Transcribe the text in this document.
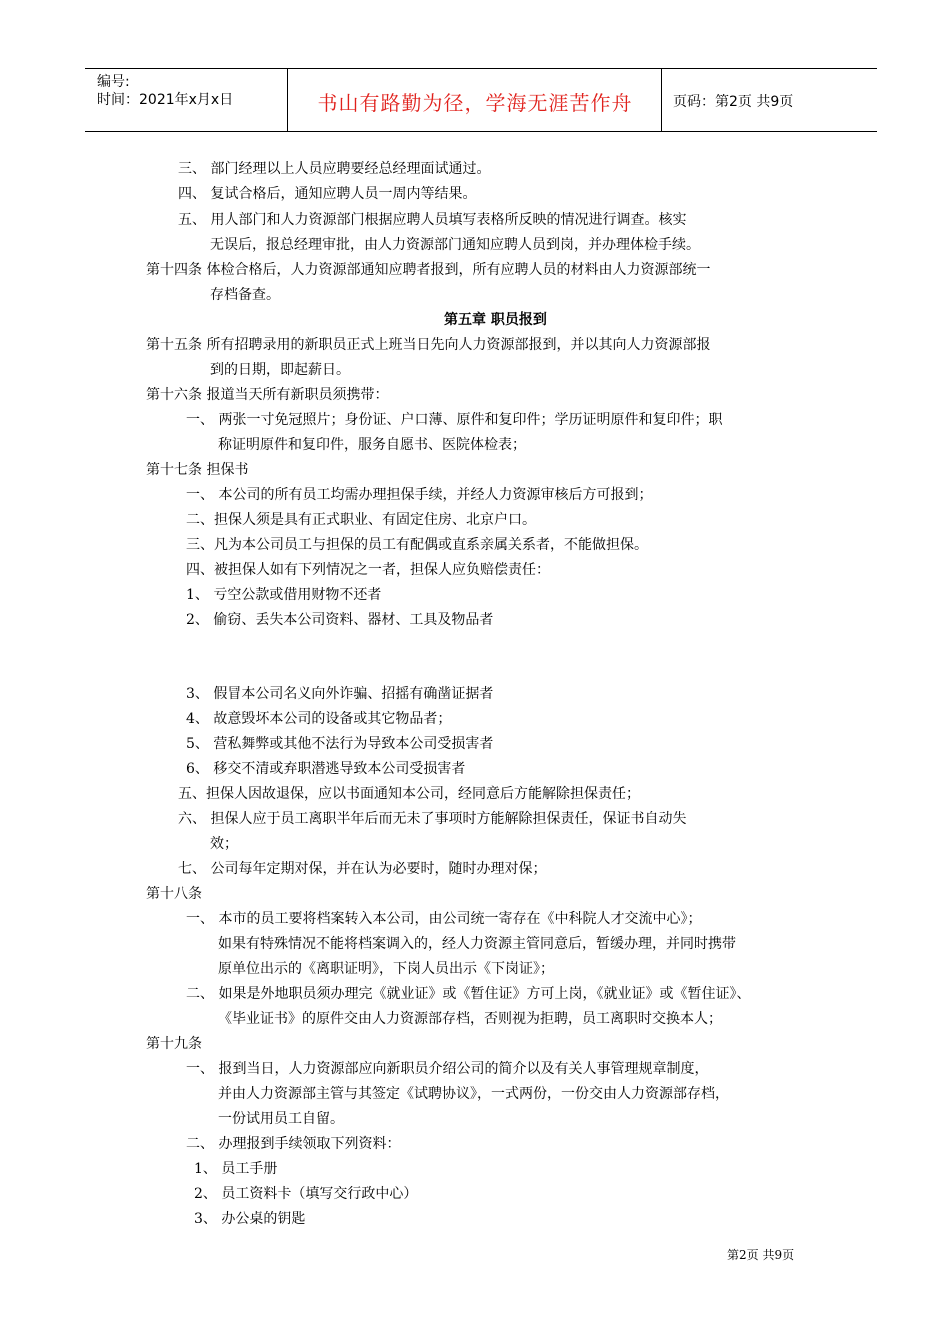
编号:
时间：2021年x月x日	书山有路勤为径，学海无涯苦作舟	页码：第2页 共9页
三、 部门经理以上人员应聘要经总经理面试通过。
四、 复试合格后，通知应聘人员一周内等结果。
五、 用人部门和人力资源部门根据应聘人员填写表格所反映的情况进行调查。核实
无误后，报总经理审批，由人力资源部门通知应聘人员到岗，并办理体检手续。
第十四条 体检合格后，人力资源部通知应聘者报到，所有应聘人员的材料由人力资源部统一
存档备查。
第五章 职员报到
第十五条 所有招聘录用的新职员正式上班当日先向人力资源部报到，并以其向人力资源部报
到的日期，即起薪日。
第十六条 报道当天所有新职员须携带：
一、 两张一寸免冠照片；身份证、户口薄、原件和复印件；学历证明原件和复印件；职
称证明原件和复印件，服务自愿书、医院体检表；
第十七条 担保书
一、 本公司的所有员工均需办理担保手续，并经人力资源审核后方可报到；
二、担保人须是具有正式职业、有固定住房、北京户口。
三、凡为本公司员工与担保的员工有配偶或直系亲属关系者，不能做担保。
四、被担保人如有下列情况之一者，担保人应负赔偿责任：
1、 亏空公款或借用财物不还者
2、 偷窃、丢失本公司资料、器材、工具及物品者
3、 假冒本公司名义向外诈骗、招摇有确凿证据者
4、 故意毁坏本公司的设备或其它物品者；
5、 营私舞弊或其他不法行为导致本公司受损害者
6、 移交不清或弃职潜逃导致本公司受损害者
五、担保人因故退保，应以书面通知本公司，经同意后方能解除担保责任；
六、 担保人应于员工离职半年后而无未了事项时方能解除担保责任，保证书自动失
效；
七、 公司每年定期对保，并在认为必要时，随时办理对保；
第十八条
一、 本市的员工要将档案转入本公司，由公司统一寄存在《中科院人才交流中心》；
如果有特殊情况不能将档案调入的，经人力资源主管同意后，暂缓办理，并同时携带
原单位出示的《离职证明》，下岗人员出示《下岗证》；
二、 如果是外地职员须办理完《就业证》或《暂住证》方可上岗，《就业证》或《暂住证》、
《毕业证书》的原件交由人力资源部存档，否则视为拒聘，员工离职时交换本人；
第十九条
一、 报到当日，人力资源部应向新职员介绍公司的简介以及有关人事管理规章制度，
并由人力资源部主管与其签定《试聘协议》，一式两份，一份交由人力资源部存档，
一份试用员工自留。
二、 办理报到手续领取下列资料：
1、 员工手册
2、 员工资料卡（填写交行政中心）
3、 办公桌的钥匙
第2页 共9页
